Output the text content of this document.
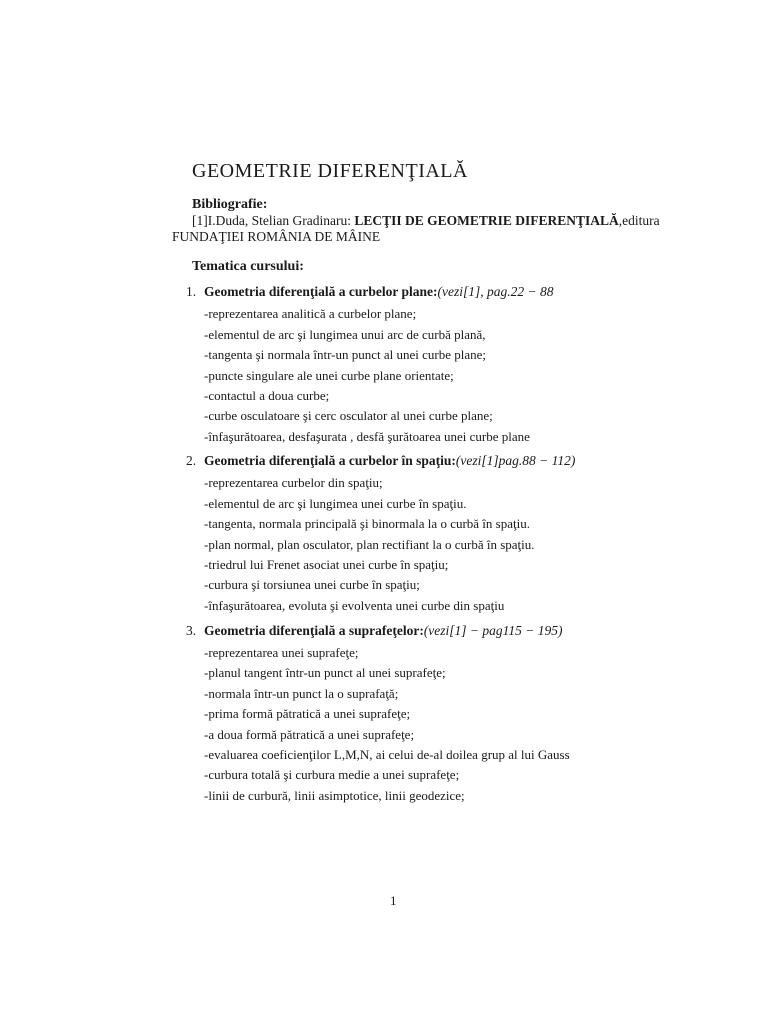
GEOMETRIE DIFERENŢIALĂ
Bibliografie:
[1]I.Duda, Stelian Gradinaru: LECŢII DE GEOMETRIE DIFERENŢIALĂ,editura
FUNDAŢIEI ROMÂNIA DE MÂINE
Tematica cursului:
1. Geometria diferenţială a curbelor plane:(vezi[1], pag.22 − 88
-reprezentarea analitică a curbelor plane;
-elementul de arc şi lungimea unui arc de curbă plană,
-tangenta şi normala într-un punct al unei curbe plane;
-puncte singulare ale unei curbe plane orientate;
-contactul a doua curbe;
-curbe osculatoare şi cerc osculator al unei curbe plane;
-înfaşurătoarea, desfaşurata , desfă şurătoarea unei curbe plane
2. Geometria diferenţială a curbelor în spaţiu:(vezi[1]pag.88 − 112)
-reprezentarea curbelor din spaţiu;
-elementul de arc şi lungimea unei curbe în spaţiu.
-tangenta, normala principală şi binormala la o curbă în spaţiu.
-plan normal, plan osculator, plan rectifiant la o curbă în spaţiu.
-triedrul lui Frenet asociat unei curbe în spaţiu;
-curbura şi torsiunea unei curbe în spaţiu;
-înfaşurătoarea, evoluta şi evolventa unei curbe din spaţiu
3. Geometria diferenţială a suprafeţelor:(vezi[1] − pag115 − 195)
-reprezentarea unei suprafeţe;
-planul tangent într-un punct al unei suprafeţe;
-normala într-un punct la o suprafaţă;
-prima formă pătratică a unei suprafeţe;
-a doua formă pătratică a unei suprafeţe;
-evaluarea coeficienţilor L,M,N, ai celui de-al doilea grup al lui Gauss
-curbura totală şi curbura medie a unei suprafeţe;
-linii de curbură, linii asimptotice, linii geodezice;
1
